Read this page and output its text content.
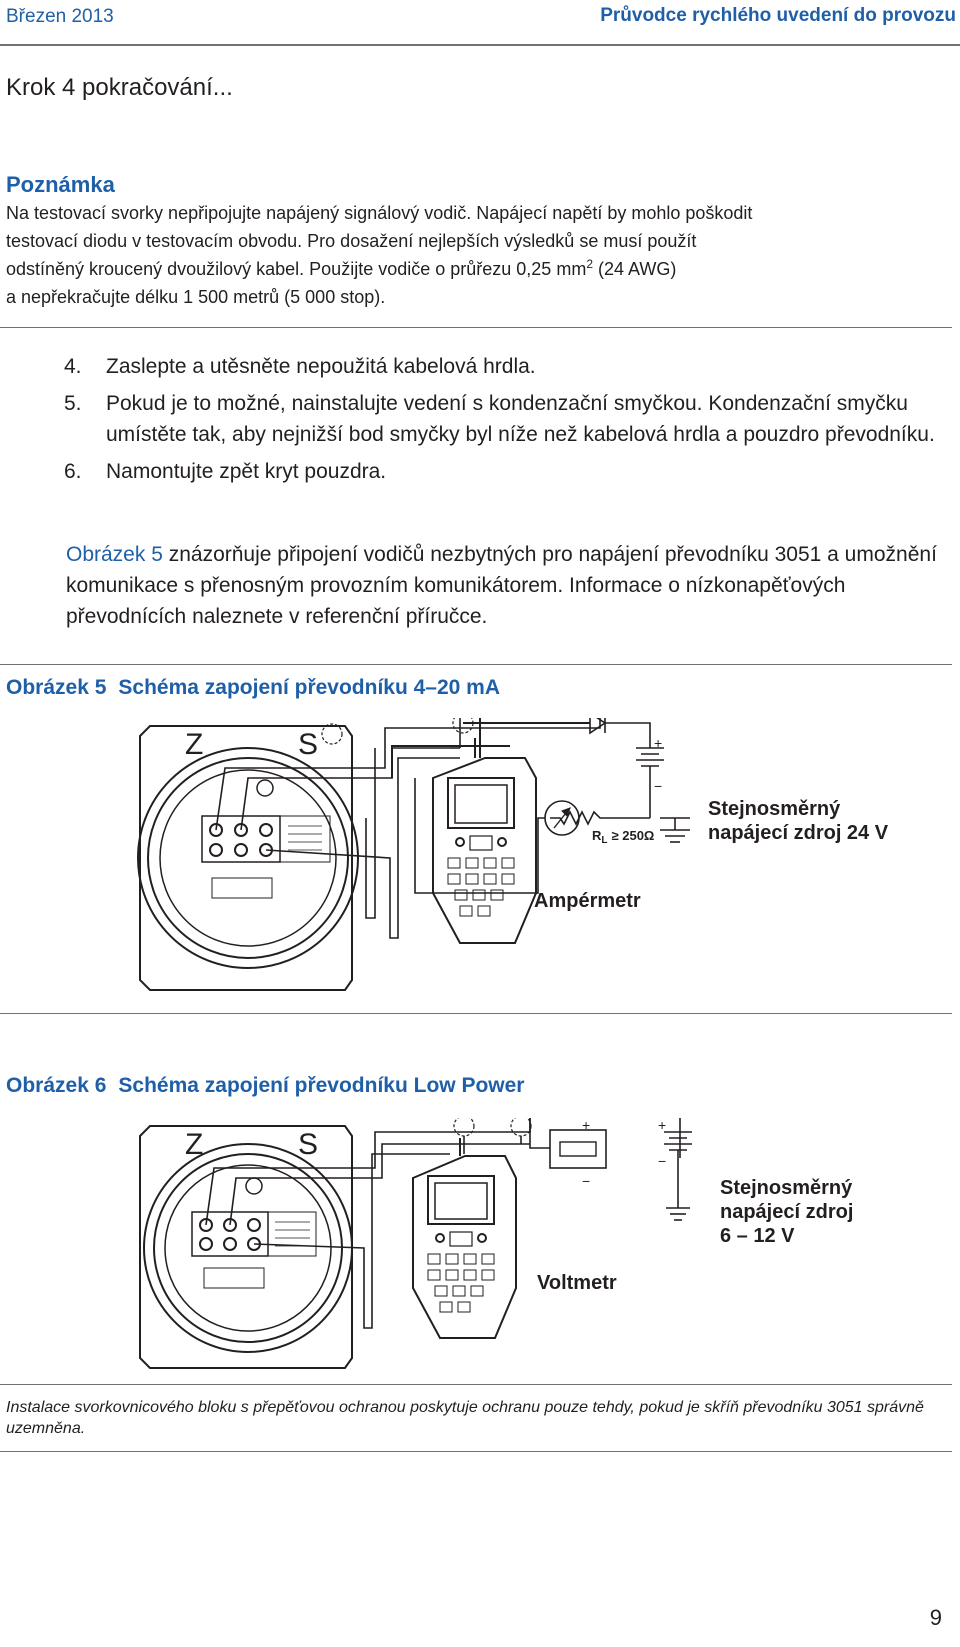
Březen 2013	Průvodce rychlého uvedení do provozu
Krok 4 pokračování...
Poznámka

Na testovací svorky nepřipojujte napájený signálový vodič. Napájecí napětí by mohlo poškodit

testovací diodu v testovacím obvodu. Pro dosažení nejlepších výsledků se musí použít

odstíněný kroucený dvoužilový kabel. Použijte vodiče o průřezu 0,25 $mm^2$ (24 AWG)

a nepřekračujte délku 1 500 metrů (5 000 stop).

4. Zaslepte a utěsněte nepoužitá kabelová hrdla.
5. Pokud je to možné, nainstalujte vedení s kondenzační smyčkou. Kondenzační smyčku umístěte tak, aby nejnižší bod smyčky byl níže než kabelová hrdla a pouzdro převodníku.
6. Namontujte zpět kryt pouzdra.
Obrázek 5 znázorňuje připojení vodičů nezbytných pro napájení převodníku 3051 a umožnění komunikace s přenosným provozním komunikátorem. Informace o nízkonapěťových převodnících naleznete v referenční příručce.
Obrázek 5 Schéma zapojení převodníku 4–20 mA
Z	S	+
−
$R_L \ge 250\Omega$
Stejnosměrný
napájecí zdroj 24 V
Ampérmetr
Obrázek 6 Schéma zapojení převodníku Low Power
Z	S
+
−
+
−
Stejnosměrný
napájecí zdroj
6 – 12 V
Voltmetr
Instalace svorkovnicového bloku s přepěťovou ochranou poskytuje ochranu pouze tehdy, pokud je skříň převodníku 3051 správně uzemněna.
9
